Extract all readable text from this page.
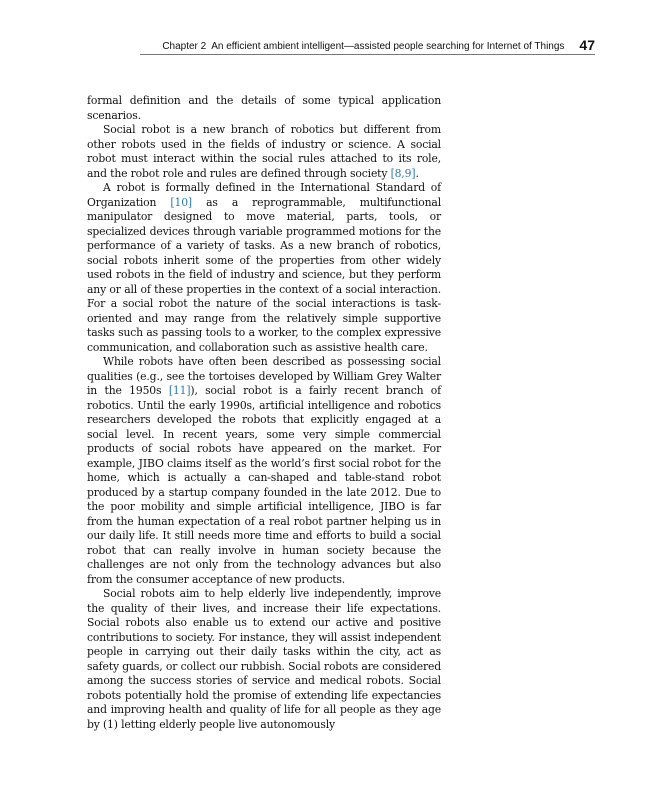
Chapter 2 An efficient ambient intelligent—assisted people searching for Internet of Things 47

formal definition and the details of some typical application scenarios.

Social robot is a new branch of robotics but different from other robots used in the fields of industry or science. A social robot must interact within the social rules attached to its role, and the robot role and rules are defined through society [8,9].

A robot is formally defined in the International Standard of Organization [10] as a reprogrammable, multifunctional manipulator designed to move material, parts, tools, or specialized devices through variable programmed motions for the performance of a variety of tasks. As a new branch of robotics, social robots inherit some of the properties from other widely used robots in the field of industry and science, but they perform any or all of these properties in the context of a social interaction. For a social robot the nature of the social interactions is task-oriented and may range from the relatively simple supportive tasks such as passing tools to a worker, to the complex expressive communication, and collaboration such as assistive health care.

While robots have often been described as possessing social qualities (e.g., see the tortoises developed by William Grey Walter in the 1950s [11]), social robot is a fairly recent branch of robotics. Until the early 1990s, artificial intelligence and robotics researchers developed the robots that explicitly engaged at a social level. In recent years, some very simple commercial products of social robots have appeared on the market. For example, JIBO claims itself as the world’s first social robot for the home, which is actually a can-shaped and table-stand robot produced by a startup company founded in the late 2012. Due to the poor mobility and simple artificial intelligence, JIBO is far from the human expectation of a real robot partner helping us in our daily life. It still needs more time and efforts to build a social robot that can really involve in human society because the challenges are not only from the technology advances but also from the consumer acceptance of new products.

Social robots aim to help elderly live independently, improve the quality of their lives, and increase their life expectations. Social robots also enable us to extend our active and positive contributions to society. For instance, they will assist independent people in carrying out their daily tasks within the city, act as safety guards, or collect our rubbish. Social robots are considered among the success stories of service and medical robots. Social robots potentially hold the promise of extending life expectancies and improving health and quality of life for all people as they age by (1) letting elderly people live autonomously
